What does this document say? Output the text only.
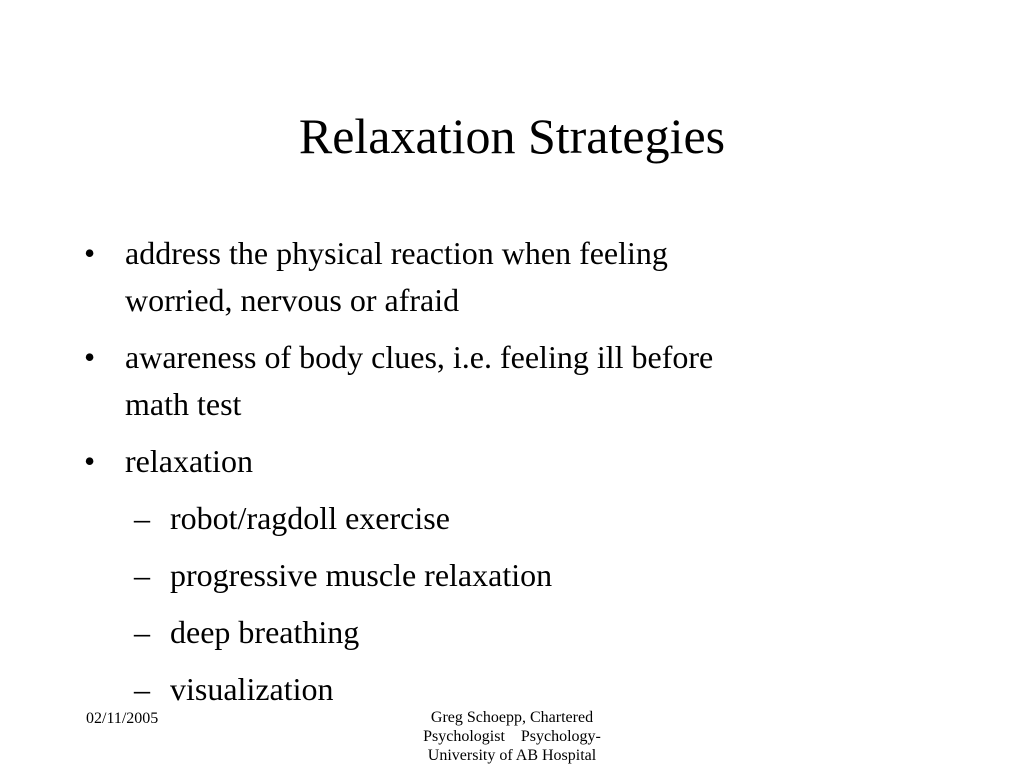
Relaxation Strategies
• address the physical reaction when feeling
worried, nervous or afraid
• awareness of body clues, i.e. feeling ill before
math test
• relaxation
– robot/ragdoll exercise
– progressive muscle relaxation
– deep breathing
– visualization
02/11/2005	Greg Schoepp, Chartered
Psychologist    Psychology-
University of AB Hospital
